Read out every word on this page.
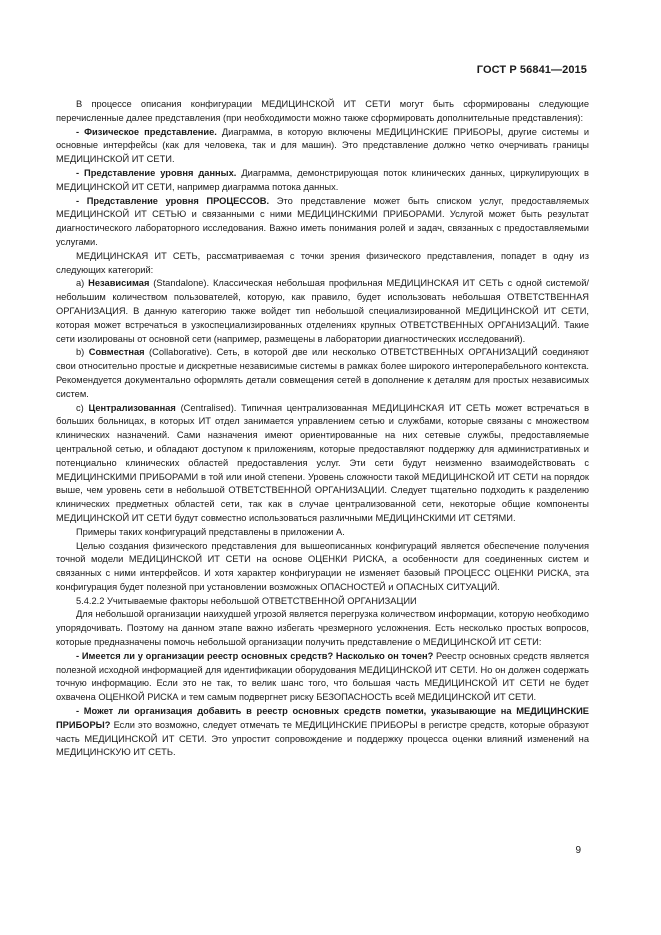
ГОСТ Р 56841—2015

В процессе описания конфигурации МЕДИЦИНСКОЙ ИТ СЕТИ могут быть сформированы следующие перечисленные далее представления (при необходимости можно также сформировать дополнительные представления):

- Физическое представление. Диаграмма, в которую включены МЕДИЦИНСКИЕ ПРИБОРЫ, другие системы и основные интерфейсы (как для человека, так и для машин). Это представление должно четко очерчивать границы МЕДИЦИНСКОЙ ИТ СЕТИ.

- Представление уровня данных. Диаграмма, демонстрирующая поток клинических данных, циркулирующих в МЕДИЦИНСКОЙ ИТ СЕТИ, например диаграмма потока данных.

- Представление уровня ПРОЦЕССОВ. Это представление может быть списком услуг, предоставляемых МЕДИЦИНСКОЙ ИТ СЕТЬЮ и связанными с ними МЕДИЦИНСКИМИ ПРИБОРАМИ. Услугой может быть результат диагностического лабораторного исследования. Важно иметь понимания ролей и задач, связанных с предоставляемыми услугами.

МЕДИЦИНСКАЯ ИТ СЕТЬ, рассматриваемая с точки зрения физического представления, попадет в одну из следующих категорий:

a) Независимая (Standalone). Классическая небольшая профильная МЕДИЦИНСКАЯ ИТ СЕТЬ с одной системой/небольшим количеством пользователей, которую, как правило, будет использовать небольшая ОТВЕТСТВЕННАЯ ОРГАНИЗАЦИЯ. В данную категорию также войдет тип небольшой специализированной МЕДИЦИНСКОЙ ИТ СЕТИ, которая может встречаться в узкоспециализированных отделениях крупных ОТВЕТСТВЕННЫХ ОРГАНИЗАЦИЙ. Такие сети изолированы от основной сети (например, размещены в лаборатории диагностических исследований).

b) Совместная (Collaborative). Сеть, в которой две или несколько ОТВЕТСТВЕННЫХ ОРГАНИЗАЦИЙ соединяют свои относительно простые и дискретные независимые системы в рамках более широкого интероперабельного контекста. Рекомендуется документально оформлять детали совмещения сетей в дополнение к деталям для простых независимых систем.

c) Централизованная (Centralised). Типичная централизованная МЕДИЦИНСКАЯ ИТ СЕТЬ может встречаться в больших больницах, в которых ИТ отдел занимается управлением сетью и службами, которые связаны с множеством клинических назначений. Сами назначения имеют ориентированные на них сетевые службы, предоставляемые центральной сетью, и обладают доступом к приложениям, которые предоставляют поддержку для административных и потенциально клинических областей предоставления услуг. Эти сети будут неизменно взаимодействовать с МЕДИЦИНСКИМИ ПРИБОРАМИ в той или иной степени. Уровень сложности такой МЕДИЦИНСКОЙ ИТ СЕТИ на порядок выше, чем уровень сети в небольшой ОТВЕТСТВЕННОЙ ОРГАНИЗАЦИИ. Следует тщательно подходить к разделению клинических предметных областей сети, так как в случае централизованной сети, некоторые общие компоненты МЕДИЦИНСКОЙ ИТ СЕТИ будут совместно использоваться различными МЕДИЦИНСКИМИ ИТ СЕТЯМИ.

Примеры таких конфигураций представлены в приложении А.

Целью создания физического представления для вышеописанных конфигураций является обеспечение получения точной модели МЕДИЦИНСКОЙ ИТ СЕТИ на основе ОЦЕНКИ РИСКА, а особенности для соединенных систем и связанных с ними интерфейсов. И хотя характер конфигурации не изменяет базовый ПРОЦЕСС ОЦЕНКИ РИСКА, эта конфигурация будет полезной при установлении возможных ОПАСНОСТЕЙ и ОПАСНЫХ СИТУАЦИЙ.

5.4.2.2 Учитываемые факторы небольшой ОТВЕТСТВЕННОЙ ОРГАНИЗАЦИИ

Для небольшой организации наихудшей угрозой является перегрузка количеством информации, которую необходимо упорядочивать. Поэтому на данном этапе важно избегать чрезмерного усложнения. Есть несколько простых вопросов, которые предназначены помочь небольшой организации получить представление о МЕДИЦИНСКОЙ ИТ СЕТИ:

- Имеется ли у организации реестр основных средств? Насколько он точен? Реестр основных средств является полезной исходной информацией для идентификации оборудования МЕДИЦИНСКОЙ ИТ СЕТИ. Но он должен содержать точную информацию. Если это не так, то велик шанс того, что большая часть МЕДИЦИНСКОЙ ИТ СЕТИ не будет охвачена ОЦЕНКОЙ РИСКА и тем самым подвергнет риску БЕЗОПАСНОСТЬ всей МЕДИЦИНСКОЙ ИТ СЕТИ.

- Может ли организация добавить в реестр основных средств пометки, указывающие на МЕДИЦИНСКИЕ ПРИБОРЫ? Если это возможно, следует отмечать те МЕДИЦИНСКИЕ ПРИБОРЫ в регистре средств, которые образуют часть МЕДИЦИНСКОЙ ИТ СЕТИ. Это упростит сопровождение и поддержку процесса оценки влияний изменений на МЕДИЦИНСКУЮ ИТ СЕТЬ.

9
